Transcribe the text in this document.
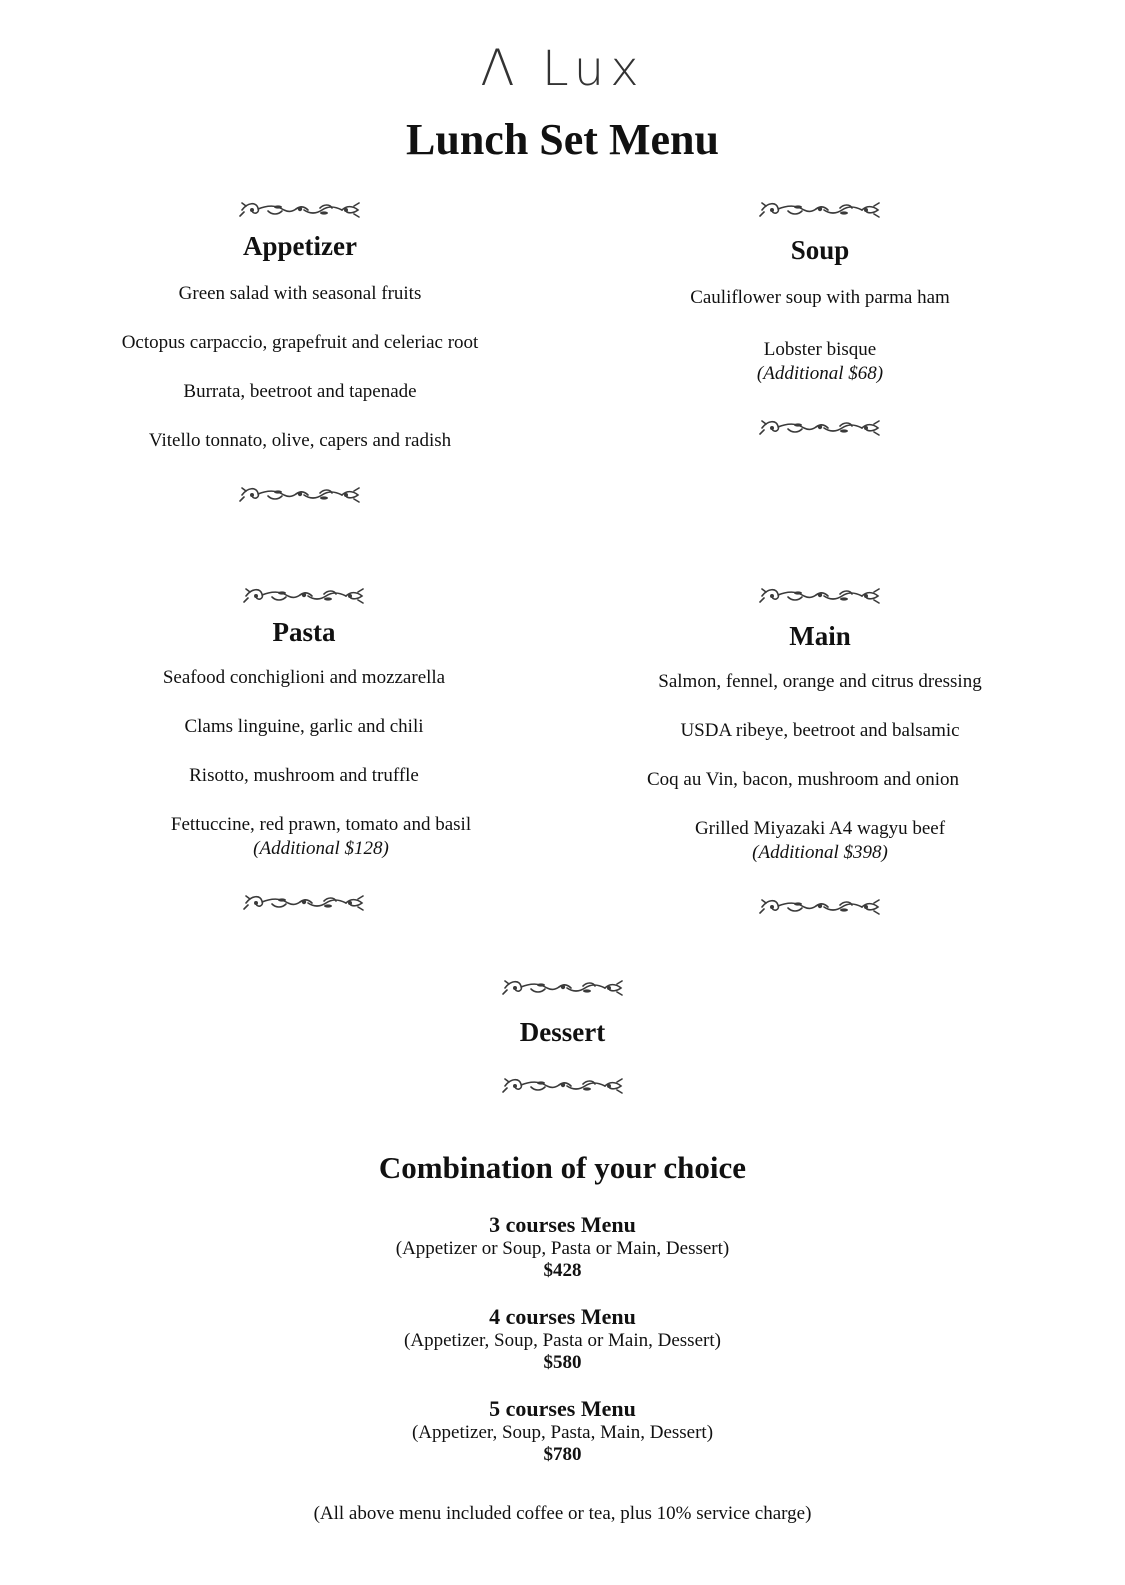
Λ Lux
Lunch Set Menu
Appetizer
Green salad with seasonal fruits
Octopus carpaccio, grapefruit and celeriac root
Burrata, beetroot and tapenade
Vitello tonnato, olive, capers and radish
Soup
Cauliflower soup with parma ham
Lobster bisque
(Additional $68)
Pasta
Seafood conchiglioni and mozzarella
Clams linguine, garlic and chili
Risotto, mushroom and truffle
Fettuccine, red prawn, tomato and basil
(Additional $128)
Main
Salmon, fennel, orange and citrus dressing
USDA ribeye, beetroot and balsamic
Coq au Vin, bacon, mushroom and onion
Grilled Miyazaki A4 wagyu beef
(Additional $398)
Dessert
Combination of your choice
3 courses Menu
(Appetizer or Soup, Pasta or Main, Dessert)
$428
4 courses Menu
(Appetizer, Soup, Pasta or Main, Dessert)
$580
5 courses Menu
(Appetizer, Soup, Pasta, Main, Dessert)
$780
(All above menu included coffee or tea, plus 10% service charge)
